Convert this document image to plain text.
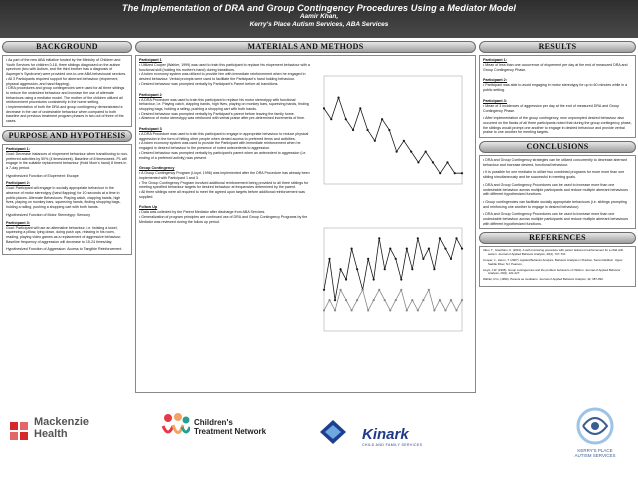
The Implementation of DRA and Group Contingency Procedures Using a Mediator Model
Aamir Khan,
Kerry's Place Autism Services, ABA Services
BACKGROUND

• As part of the new ABA initiative funded by the Ministry of Children and Youth Services for children 0-18, three siblings diagnosed on the autism spectrum (two with Autism, and the third brother has a diagnosis of Asperger's Syndrome) were provided one-to-one ABA behavioural services.

• All 3 Participants required support for aberrant behaviour (elopement, physical aggression, and hand flapping).

• DRA procedures and group contingencies were used for all three siblings to reduce the undesired behaviour and increase the use of alternate behaviours using a mediator model. The mother of the children utilized all reinforcement procedures consistently in the home setting.

• Implementation of both the DRA and group contingency demonstrated a decrease in the use of undesirable behaviour when compared to both baseline and previous treatment program phases in two out of three of the cases.

PURPOSE AND HYPOTHESIS
Participant 1:

Goal: Decrease instances of elopement behaviour when transitioning to non-preferred activities by 50% (4 times/week). Baseline of 8 times/week. P1 will engage in the suitable replacement behaviour (Hold Mom's hand) 8 times in a 7-day period.

Hypothesized Function of Elopement: Escape

Participant 2:

Goal: Participant will engage in socially appropriate behaviour in the absence of motor stereotypy (hand flapping) for 10 seconds at a time in public places. Alternate Behaviours: Playing catch, clapping hands, high fives, playing on monkey bars, squeezing hands, finding shopping bags, holding a railing, pushing a shopping cart with both hands.

Hypothesized Function of Motor Stereotypy: Sensory

Participant 3:

Goal: Participant will use an alternative behaviour, i.e. twisting a towel, squeezing a pillow, lying down, doing push ups, relaxing in his room, reading, playing video games as a replacement of aggressive behaviour. Baseline frequency of aggression will decrease to 15-24 times/day.

Hypothesized Function of Aggression: Access to Tangible Reinforcement

MATERIALS AND METHODS
Participant 1

• Utilized Cooper (Wahler, 1999) was used to train this participant to replace his elopement behaviour with a functional skill (holding his mother's hand) during transitions.

• A token economy system was utilized to provide him with immediate reinforcement when he engaged in desired behaviour. Verbal prompts were used to facilitate the Participant's hand holding behaviour.

• Desired behaviour was prompted verbally by Participant's Parent before all transitions.

Participant 2

• A DRA Procedure was used to train this participant to replace his motor stereotypy with functional behaviour, i.e. Playing catch, clapping hands, high fives, playing on monkey bars, squeezing hands, finding shopping bags, holding a railing, pushing a shopping cart with both hands.

• Desired behaviour was prompted verbally by Participant's parent before leaving the family home.

• Absence of motor stereotypy was reinforced with verbal praise after pre-determined increments of time.

Participant 3

• A DRA Procedure was used to train this participant to engage in appropriate behaviour to reduce physical aggression in the form of hitting other people when denied access to preferred items and activities.

• A token economy system was used to provide the Participant with immediate reinforcement when he engaged in desired behaviour in the presence of noted antecedents to aggression.

• Desired behaviour was prompted verbally by participant's parent when an antecedent to aggression (i.e. ending of a preferred activity) was present.

Group Contingency

• A Group Contingency Program (Lloyd, 1996) was implemented after the DRA Procedure has already been implemented with Participant 1 and 3.

• The Group Contingency Program involved additional reinforcement being provided to all three siblings for meeting specified behaviour targets for desired behaviour at frequencies determined by the parent.

• All three siblings were all required to meet the agreed upon targets before additional reinforcement was supplied.

Follow Up

• Data was collected by the Parent Mediator after discharge from ABA Services.

• Generalization of program principles are continued use of DRA and Group Contingency Programs by the Mediator was reviewed during the follow up period.

RESULTS
Participant 1:

• Mean of less than one occurrence of elopement per day at the end of measured DRA and Group Contingency Phase.

Participant 2:

• Participant was able to avoid engaging in motor stereotypy for up to 60 minutes while in a public setting.

Participant 3:

• Mean of 3 incidences of aggression per day at the end of measured DRA and Group Contingency Phase.

• After implementation of the group contingency, new unprompted desired behaviour also occurred on the flanks of all three participants noted that during the group contingency phase, the siblings would prompt one another to engage in desired behaviour and provide verbal praise to one another for meeting targets.

CONCLUSIONS

• DRA and Group Contingency strategies can be utilized concurrently to decrease aberrant behaviour and increase desired, functional behaviour.

• It is possible for one mediator to utilize two combined programs for more more than one sibling simultaneously and be successful in meeting goals.

• DRA and Group Contingency Procedures can be used to increase more than one undesirable behaviour across multiple participants and reduce multiple aberrant behaviours with different hypothesized functions.

• Group contingencies can facilitate socially appropriate behaviours (i.e. siblings prompting and reinforcing one another to engage in desired behaviour).

• DRA and Group Contingency Procedures can be used to increase more than one undesirable behaviour across multiple participants and reduce multiple aberrant behaviours with different hypothesized functions.

REFERENCES

Allen, T., Grantham, K. (2010). A self-monitoring procedure with parent delivered reinforcement for a child with autism. Journal of Applied Behavior Analysis, 43(4), 707-710.

Cooper, J., Heron, T. (2007). Applied Behavior Analysis. Behavior Analysis in Practice. Second Edition. Upper Saddle River, NJ: Pearson.

Lloyd, J.W. (1996). Group contingencies and the problem behaviors of children. Journal of Applied Behavior Analysis, 29(2), 221-227.

Wahler, R.G. (1999). Parents as mediators. Journal of Applied Behavior Analysis, 32, 387-390.

Mackenzie
Health
Children's
Treatment Network	Kinark
CHILD AND FAMILY SERVICES
KERRY'S PLACE
AUTISM SERVICES
